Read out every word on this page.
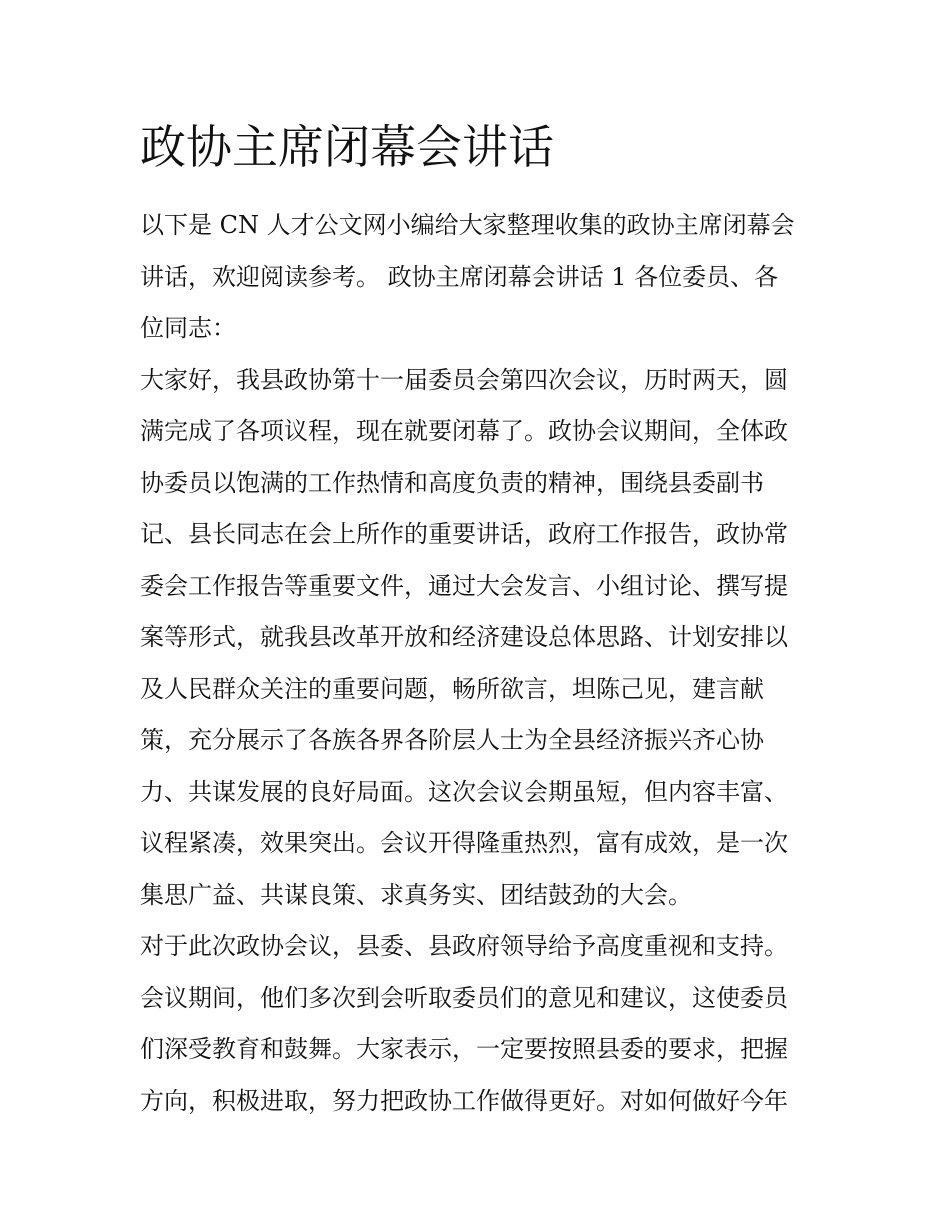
政协主席闭幕会讲话
以下是 CN 人才公文网小编给大家整理收集的政协主席闭幕会
讲话，欢迎阅读参考。 政协主席闭幕会讲话 1 各位委员、各
位同志：
大家好，我县政协第十一届委员会第四次会议，历时两天，圆
满完成了各项议程，现在就要闭幕了。政协会议期间，全体政
协委员以饱满的工作热情和高度负责的精神，围绕县委副书
记、县长同志在会上所作的重要讲话，政府工作报告，政协常
委会工作报告等重要文件，通过大会发言、小组讨论、撰写提
案等形式，就我县改革开放和经济建设总体思路、计划安排以
及人民群众关注的重要问题，畅所欲言，坦陈己见，建言献
策，充分展示了各族各界各阶层人士为全县经济振兴齐心协
力、共谋发展的良好局面。这次会议会期虽短，但内容丰富、
议程紧凑，效果突出。会议开得隆重热烈，富有成效，是一次
集思广益、共谋良策、求真务实、团结鼓劲的大会。
对于此次政协会议，县委、县政府领导给予高度重视和支持。
会议期间，他们多次到会听取委员们的意见和建议，这使委员
们深受教育和鼓舞。大家表示，一定要按照县委的要求，把握
方向，积极进取，努力把政协工作做得更好。对如何做好今年
